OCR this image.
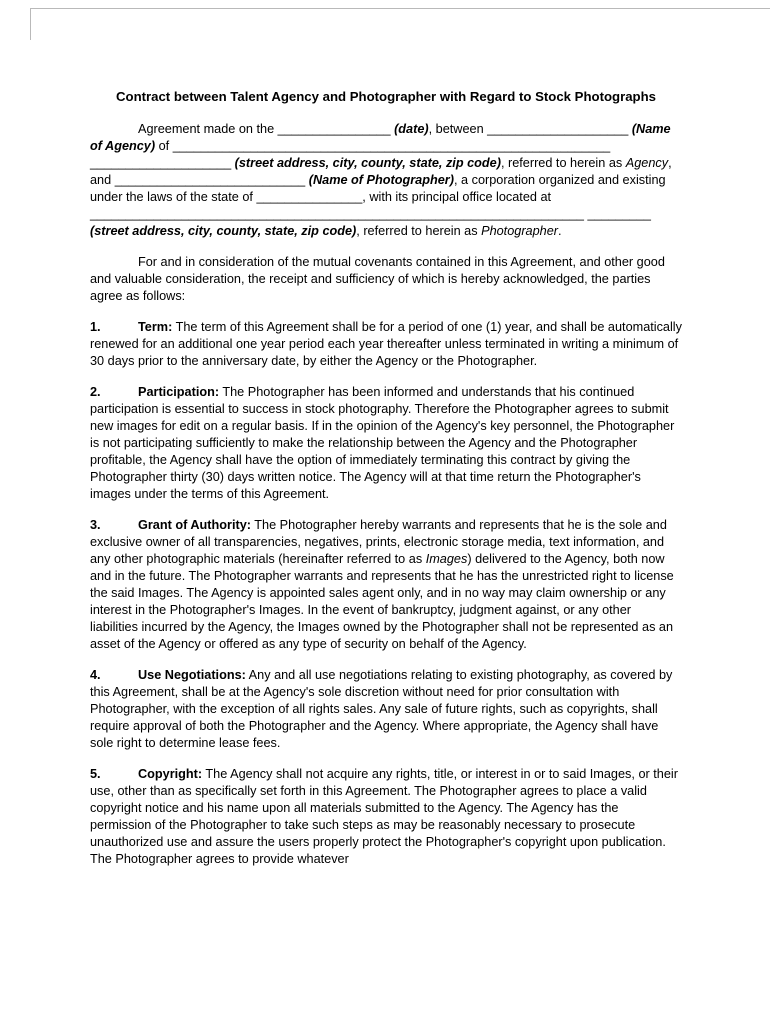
Contract between Talent Agency and Photographer with Regard to Stock Photographs

Agreement made on the ________________ (date), between ____________________ (Name of Agency) of ______________________________________________________________ ____________________ (street address, city, county, state, zip code), referred to herein as Agency, and ___________________________ (Name of Photographer), a corporation organized and existing under the laws of the state of _______________, with its principal office located at ______________________________________________________________________ _________ (street address, city, county, state, zip code), referred to herein as Photographer.

For and in consideration of the mutual covenants contained in this Agreement, and other good and valuable consideration, the receipt and sufficiency of which is hereby acknowledged, the parties agree as follows:

1.	Term: The term of this Agreement shall be for a period of one (1) year, and shall be automatically renewed for an additional one year period each year thereafter unless terminated in writing a minimum of 30 days prior to the anniversary date, by either the Agency or the Photographer.

2.	Participation: The Photographer has been informed and understands that his continued participation is essential to success in stock photography. Therefore the Photographer agrees to submit new images for edit on a regular basis. If in the opinion of the Agency's key personnel, the Photographer is not participating sufficiently to make the relationship between the Agency and the Photographer profitable, the Agency shall have the option of immediately terminating this contract by giving the Photographer thirty (30) days written notice. The Agency will at that time return the Photographer's images under the terms of this Agreement.

3.	Grant of Authority: The Photographer hereby warrants and represents that he is the sole and exclusive owner of all transparencies, negatives, prints, electronic storage media, text information, and any other photographic materials (hereinafter referred to as Images) delivered to the Agency, both now and in the future. The Photographer warrants and represents that he has the unrestricted right to license the said Images. The Agency is appointed sales agent only, and in no way may claim ownership or any interest in the Photographer's Images. In the event of bankruptcy, judgment against, or any other liabilities incurred by the Agency, the Images owned by the Photographer shall not be represented as an asset of the Agency or offered as any type of security on behalf of the Agency.

4.	Use Negotiations: Any and all use negotiations relating to existing photography, as covered by this Agreement, shall be at the Agency's sole discretion without need for prior consultation with Photographer, with the exception of all rights sales. Any sale of future rights, such as copyrights, shall require approval of both the Photographer and the Agency. Where appropriate, the Agency shall have sole right to determine lease fees.

5.	Copyright: The Agency shall not acquire any rights, title, or interest in or to said Images, or their use, other than as specifically set forth in this Agreement. The Photographer agrees to place a valid copyright notice and his name upon all materials submitted to the Agency. The Agency has the permission of the Photographer to take such steps as may be reasonably necessary to prosecute unauthorized use and assure the users properly protect the Photographer's copyright upon publication. The Photographer agrees to provide whatever
